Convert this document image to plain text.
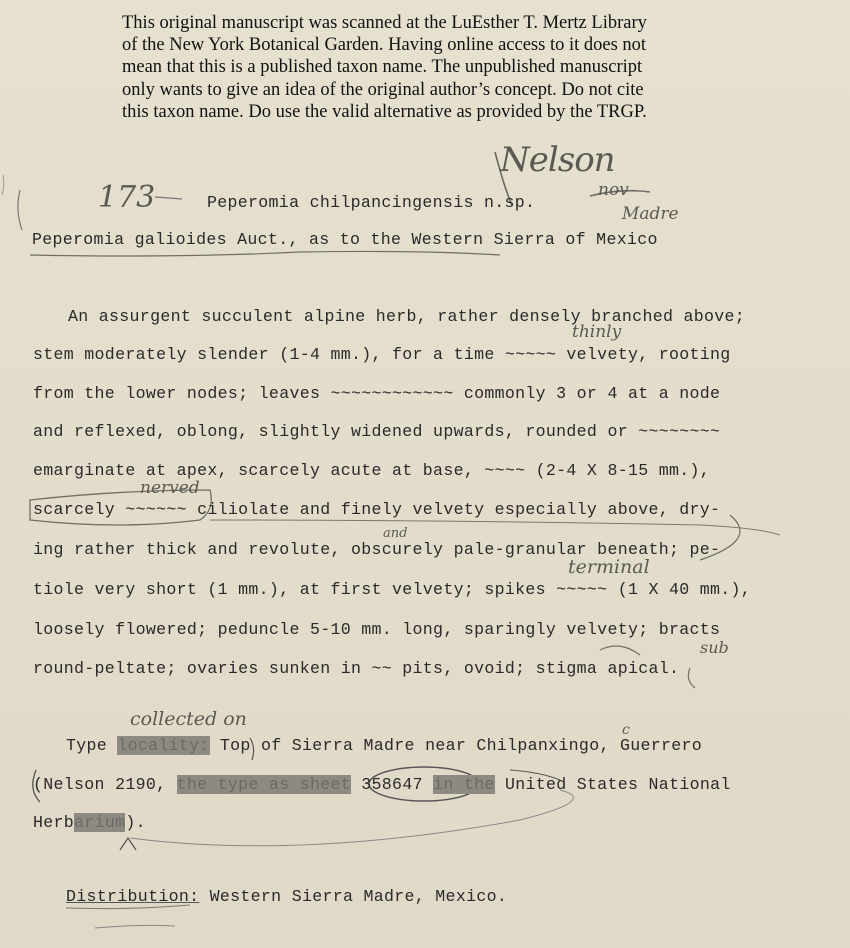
This original manuscript was scanned at the LuEsther T. Mertz Library
of the New York Botanical Garden. Having online access to it does not
mean that this is a published taxon name. The unpublished manuscript
only wants to give an idea of the original author’s concept. Do not cite
this taxon name. Do use the valid alternative as provided by the TRGP.
173
Nelson
nov
Madre
thinly
nerved
and
terminal
sub
collected on	c
Peperomia chilpancingensis n.sp.
Peperomia galioides Auct., as to the Western Sierra of Mexico
An assurgent succulent alpine herb, rather densely branched above;
stem moderately slender (1-4 mm.), for a time ~~~~~ velvety, rooting
from the lower nodes; leaves ~~~~~~~~~~~~ commonly 3 or 4 at a node
and reflexed, oblong, slightly widened upwards, rounded or ~~~~~~~~
emarginate at apex, scarcely acute at base, ~~~~ (2-4 X 8-15 mm.),
scarcely ~~~~~~ ciliolate and finely velvety especially above, dry-
ing rather thick and revolute, obscurely pale-granular beneath; pe-
tiole very short (1 mm.), at first velvety; spikes ~~~~~ (1 X 40 mm.),
loosely flowered; peduncle 5-10 mm. long, sparingly velvety; bracts
round-peltate; ovaries sunken in ~~ pits, ovoid; stigma apical.
Type locality: Top of Sierra Madre near Chilpanxingo, Guerrero
(Nelson 2190, the type as sheet 358647 in the United States National
Herbarium).
Distribution: Western Sierra Madre, Mexico.
